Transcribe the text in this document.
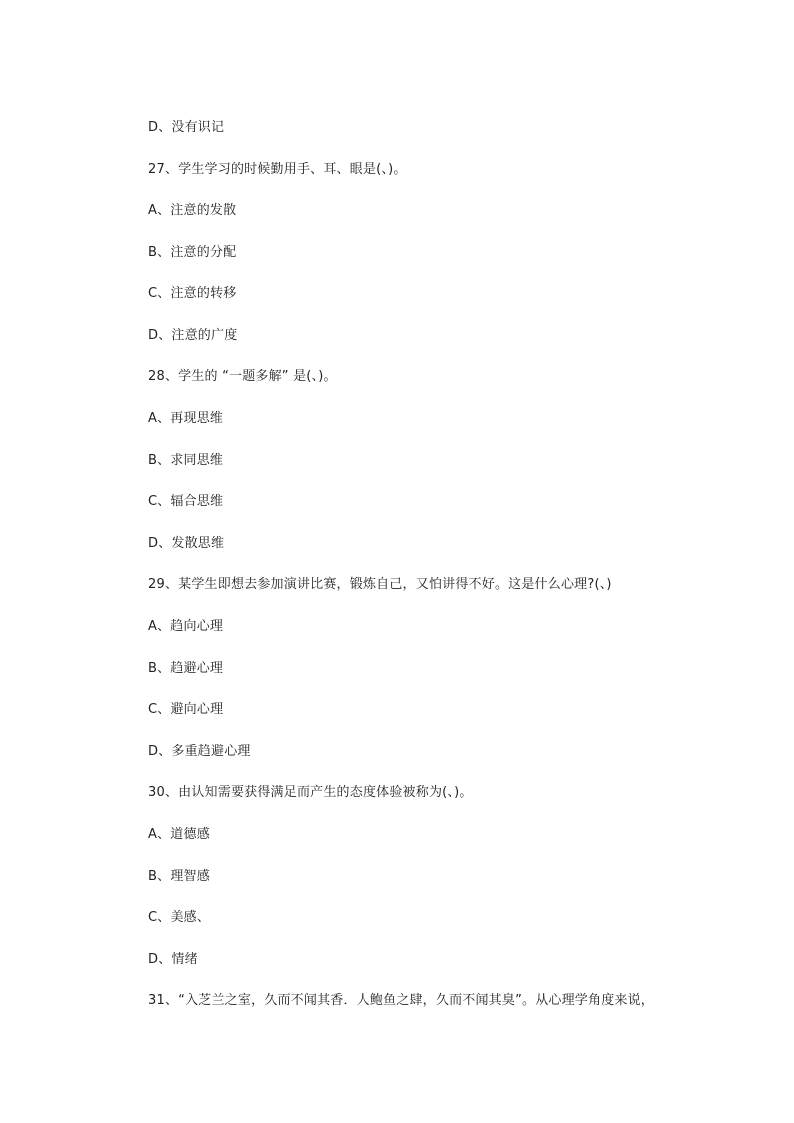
D、没有识记
27、学生学习的时候勤用手、耳、眼是(、)。
A、注意的发散
B、注意的分配
C、注意的转移
D、注意的广度
28、学生的 “一题多解” 是(、)。
A、再现思维
B、求同思维
C、辐合思维
D、发散思维
29、某学生即想去参加演讲比赛，锻炼自己，又怕讲得不好。这是什么心理?(、)
A、趋向心理
B、趋避心理
C、避向心理
D、多重趋避心理
30、由认知需要获得满足而产生的态度体验被称为(、)。
A、道德感
B、理智感
C、美感、
D、情绪
31、“入芝兰之室，久而不闻其香．人鲍鱼之肆，久而不闻其臭”。从心理学角度来说，
